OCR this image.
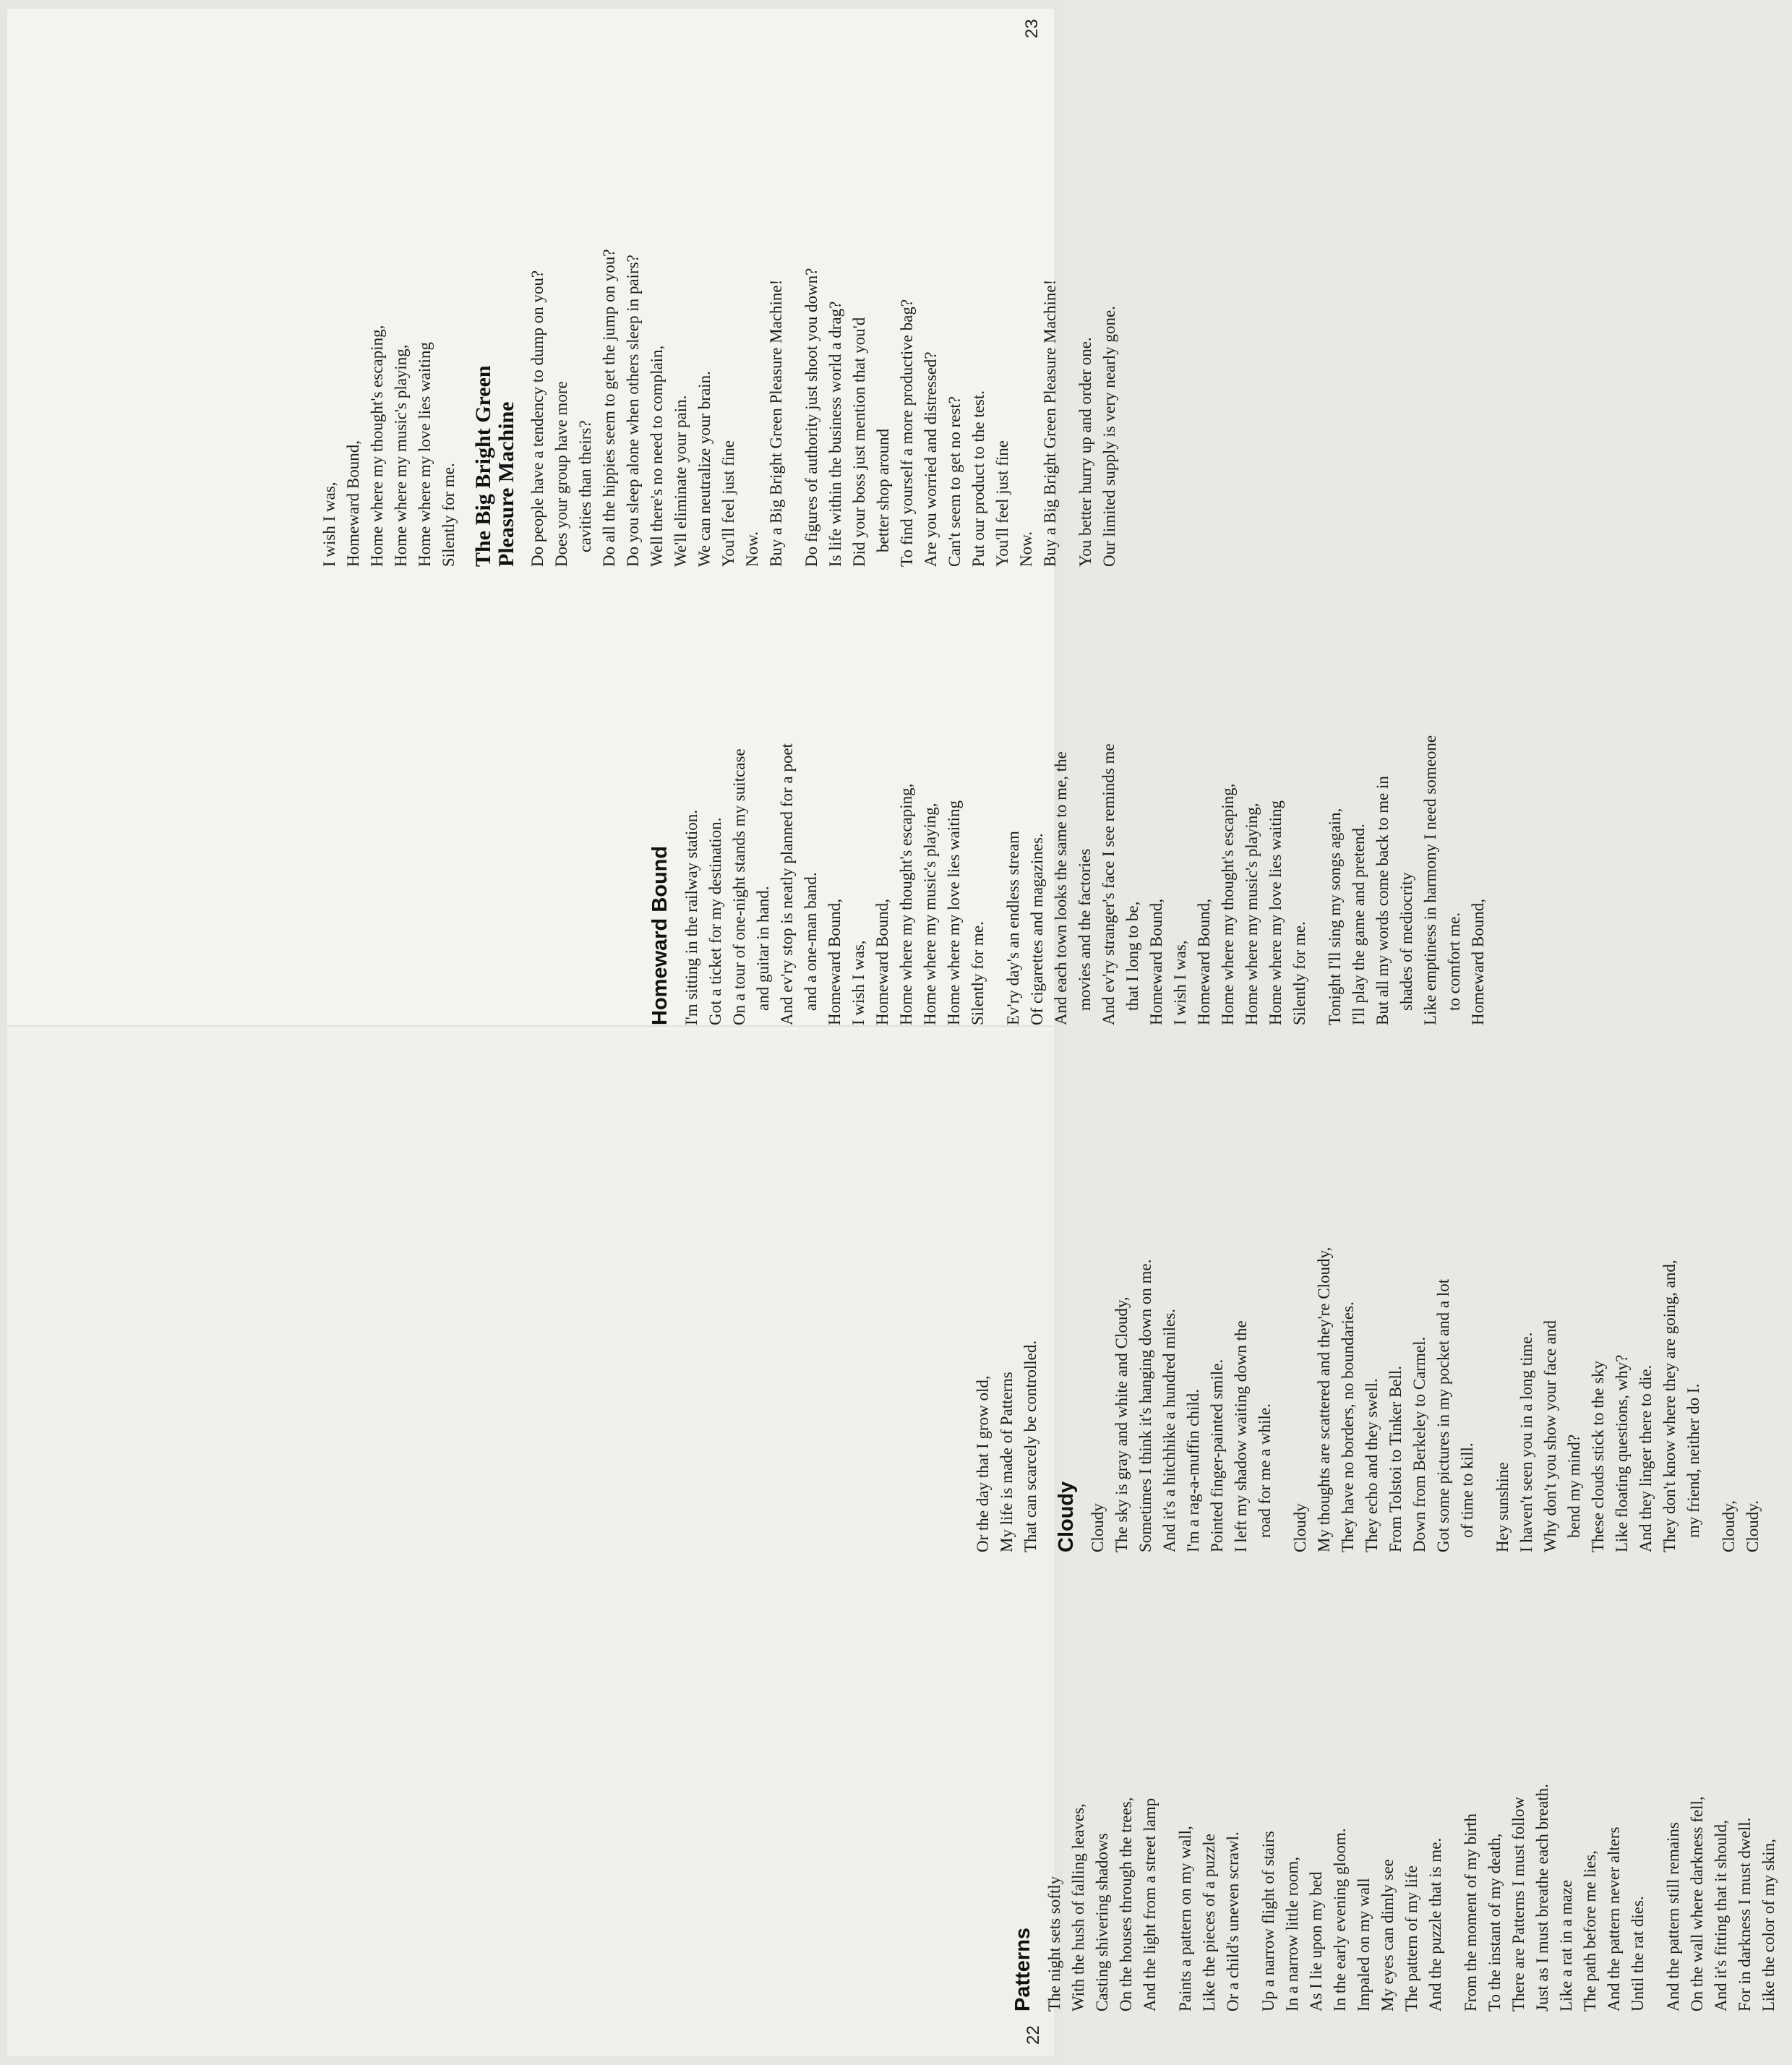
Patterns The night sets softly With the hush of falling leaves, Casting shivering shadows On the houses through the trees, And the light from a street lamp Paints a pattern on my wall, Like the pieces of a puzzle Or a child's uneven scrawl. Up a narrow flight of stairs In a narrow little room, As I lie upon my bed In the early evening gloom. Impaled on my wall My eyes can dimly see The pattern of my life And the puzzle that is me. From the moment of my birth To the instant of my death, There are Patterns I must follow Just as I must breathe each breath. Like a rat in a maze The path before me lies, And the pattern never alters Until the rat dies. And the pattern still remains On the wall where darkness fell, And it's fitting that it should, For in darkness I must dwell. Like the color of my skin,
Or the day that I grow old, My life is made of Patterns That can scarcely be controlled. Cloudy Cloudy The sky is gray and white and Cloudy, Sometimes I think it's hanging down on me. And it's a hitchhike a hundred miles. I'm a rag-a-muffin child. Pointed finger-painted smile. I left my shadow waiting down the road for me a while. Cloudy My thoughts are scattered and they're Cloudy, They have no borders, no boundaries. They echo and they swell. From Tolstoi to Tinker Bell. Down from Berkeley to Carmel. Got some pictures in my pocket and a lot of time to kill. Hey sunshine I haven't seen you in a long time. Why don't you show your face and bend my mind? These clouds stick to the sky Like floating questions, why? And they linger there to die. They don't know where they are going, and, my friend, neither do I. Cloudy, Cloudy.
Homeward Bound I'm sitting in the railway station. Got a ticket for my destination. On a tour of one-night stands my suitcase and guitar in hand. And ev'ry stop is neatly planned for a poet and a one-man band. Homeward Bound, I wish I was, Homeward Bound, Home where my thought's escaping, Home where my music's playing, Home where my love lies waiting Silently for me. Ev'ry day's an endless stream Of cigarettes and magazines. And each town looks the same to me, the movies and the factories And ev'ry stranger's face I see reminds me that I long to be, Homeward Bound, I wish I was, Homeward Bound, Home where my thought's escaping, Home where my music's playing, Home where my love lies waiting Silently for me. Tonight I'll sing my songs again, I'll play the game and pretend. But all my words come back to me in shades of mediocrity Like emptiness in harmony I need someone to comfort me. Homeward Bound,
I wish I was, Homeward Bound, Home where my thought's escaping, Home where my music's playing, Home where my love lies waiting Silently for me. The Big Bright Green Pleasure Machine Do people have a tendency to dump on you? Does your group have more cavities than theirs? Do all the hippies seem to get the jump on you? Do you sleep alone when others sleep in pairs? Well there's no need to complain, We'll eliminate your pain. We can neutralize your brain. You'll feel just fine Now. Buy a Big Bright Green Pleasure Machine! Do figures of authority just shoot you down? Is life within the business world a drag? Did your boss just mention that you'd better shop around To find yourself a more productive bag? Are you worried and distressed? Can't seem to get no rest? Put our product to the test. You'll feel just fine Now. Buy a Big Bright Green Pleasure Machine! You better hurry up and order one. Our limited supply is very nearly gone.
22
23
